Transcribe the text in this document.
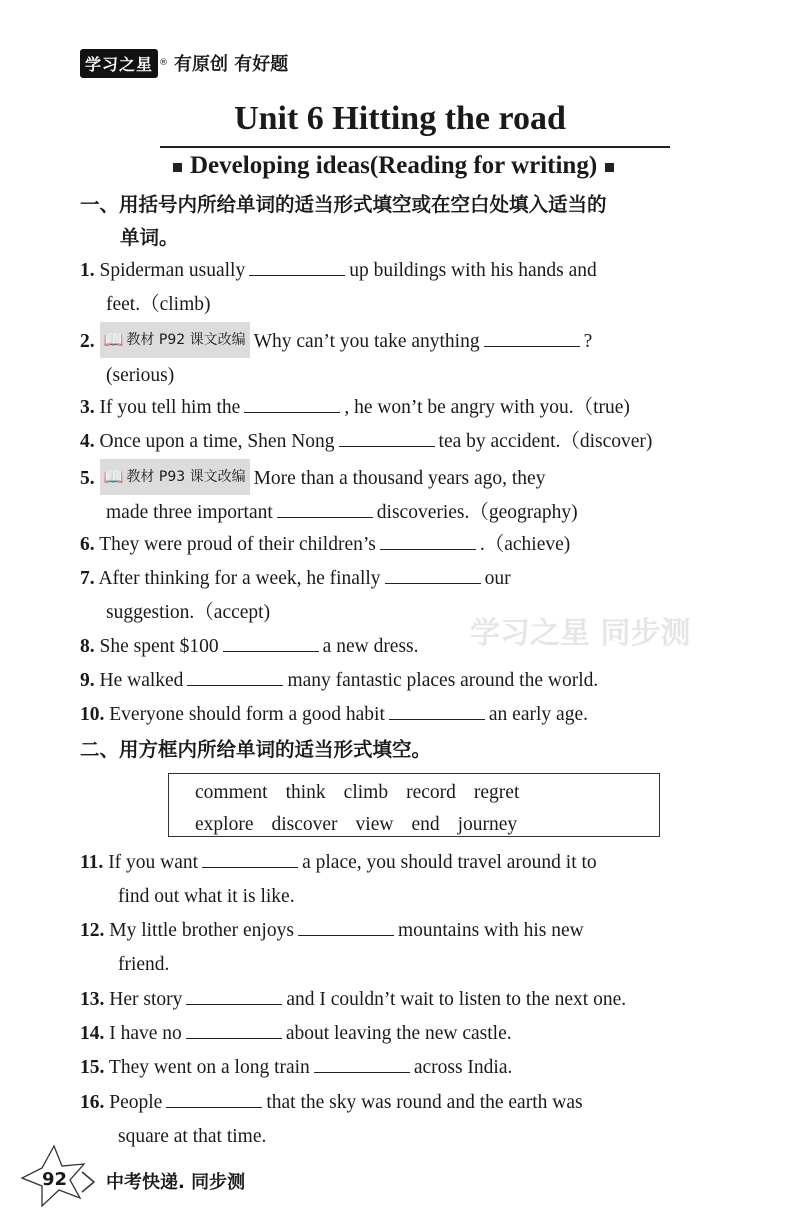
学习之星 ® 有原创 有好题
Unit 6 Hitting the road
Developing ideas(Reading for writing)
一、用括号内所给单词的适当形式填空或在空白处填入适当的
单词。
1. Spiderman usually	up buildings with his hands and
feet.（climb)
2. 📖 教材 P92 课文改编 Why can’t you take anything	?
(serious)
3. If you tell him the	, he won’t be angry with you.（true)
4. Once upon a time, Shen Nong	tea by accident.（discover)
5. 📖 教材 P93 课文改编 More than a thousand years ago, they
made three important	discoveries.（geography)
6. They were proud of their children’s	.（achieve)
7. After thinking for a week, he finally	our
suggestion.（accept)
8. She spent $100	a new dress.
9. He walked	many fantastic places around the world.
10. Everyone should form a good habit	an early age.
二、用方框内所给单词的适当形式填空。
comment think climb record regret
explore discover view end journey
11. If you want	a place, you should travel around it to
find out what it is like.
12. My little brother enjoys	mountains with his new
friend.
13. Her story	and I couldn’t wait to listen to the next one.
14. I have no	about leaving the new castle.
15. They went on a long train	across India.
16. People	that the sky was round and the earth was
square at that time.
学习之星 同步测
92 中考快递. 同步测
